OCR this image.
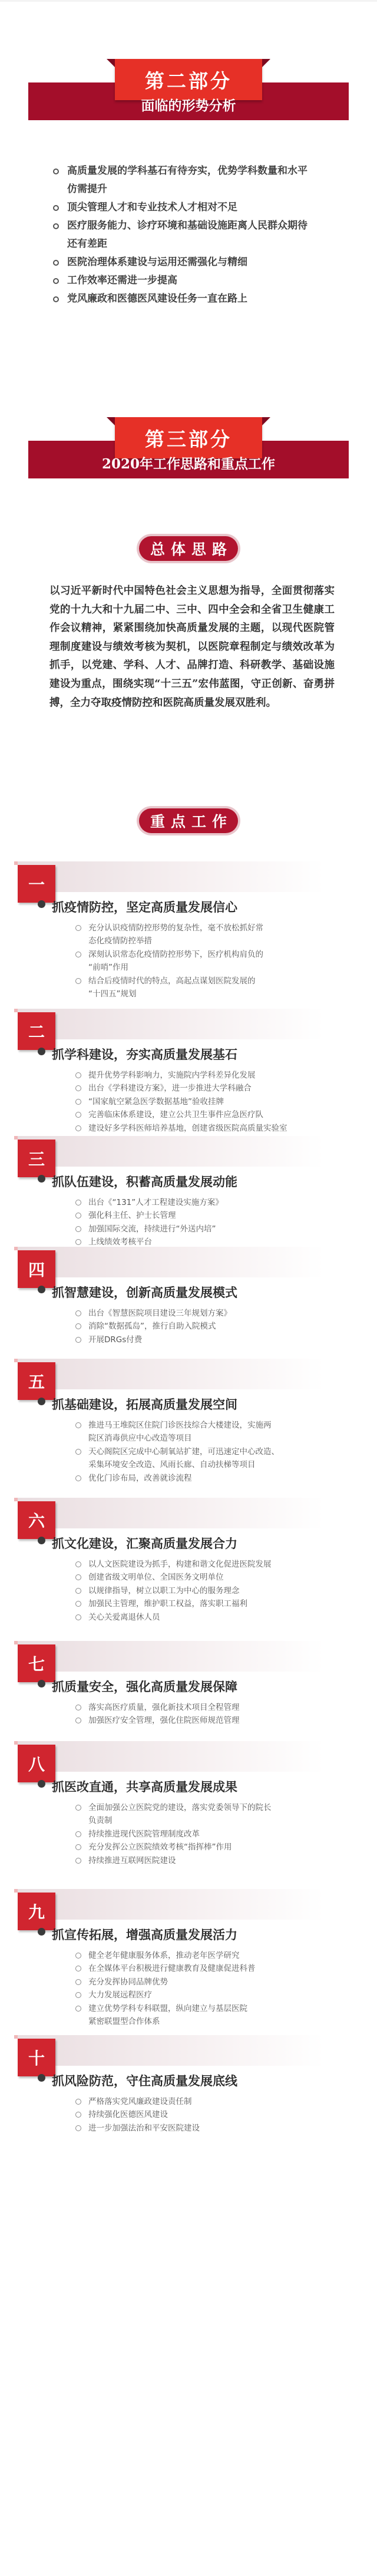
第二部分
面临的形势分析
高质量发展的学科基石有待夯实，优势学科数量和水平
仿需提升
顶尖管理人才和专业技术人才相对不足
医疗服务能力、诊疗环境和基础设施距离人民群众期待
还有差距
医院治理体系建设与运用还需强化与精细
工作效率还需进一步提高
党风廉政和医德医风建设任务一直在路上
第三部分
2020年工作思路和重点工作
总体思路

以习近平新时代中国特色社会主义思想为指导，全面贯彻落实党的十九大和十九届二中、三中、四中全会和全省卫生健康工作会议精神，紧紧围绕加快高质量发展的主题，以现代医院管理制度建设与绩效考核为契机，以医院章程制定与绩效改革为抓手，以党建、学科、人才、品牌打造、科研教学、基础设施建设为重点，围绕实现“十三五”宏伟蓝图，守正创新、奋勇拼搏，全力夺取疫情防控和医院高质量发展双胜利。

重点工作
一
抓疫情防控，坚定高质量发展信心
充分认识疫情防控形势的复杂性，毫不放松抓好常
态化疫情防控举措
深刻认识常态化疫情防控形势下，医疗机构肩负的
“前哨”作用
结合后疫情时代的特点，高起点谋划医院发展的
“十四五”规划
二
抓学科建设，夯实高质量发展基石
提升优势学科影响力，实施院内学科差异化发展
出台《学科建设方案》，进一步推进大学科融合
“国家航空紧急医学数据基地”验收挂牌
完善临床体系建设，建立公共卫生事件应急医疗队
建设好多学科医师培养基地，创建省级医院高质量实验室
三
抓队伍建设，积蓄高质量发展动能
出台《“131”人才工程建设实施方案》
强化科主任、护士长管理
加强国际交流，持续进行“外送内培”
上线绩效考核平台
四
抓智慧建设，创新高质量发展模式
出台《智慧医院项目建设三年规划方案》
消除“数据孤岛”，推行自助入院模式
开展DRGs付费
五
抓基础建设，拓展高质量发展空间
推进马王堆院区住院门诊医技综合大楼建设，实施两
院区消毒供应中心改造等项目
天心阁院区完成中心制氧站扩建，可迅速定中心改造、
采集环境安全改造、风雨长廊、自动扶梯等项目
优化门诊布局，改善就诊流程
六
抓文化建设，汇聚高质量发展合力
以人文医院建设为抓手，构建和谐文化促进医院发展
创建省级文明单位、全国医务文明单位
以规律指导，树立以职工为中心的服务理念
加强民主管理，维护职工权益，落实职工福利
关心关爱离退休人员
七
抓质量安全，强化高质量发展保障
落实高医疗质量，强化新技术项目全程管理
加强医疗安全管理，强化住院医师规范管理
八
抓医改直通，共享高质量发展成果
全面加强公立医院党的建设，落实党委领导下的院长
负责制
持续推进现代医院管理制度改革
充分发挥公立医院绩效考核“指挥棒”作用
持续推进互联网医院建设
九
抓宣传拓展，增强高质量发展活力
健全老年健康服务体系，推动老年医学研究
在全媒体平台积极进行健康教育及健康促进科普
充分发挥协同品牌优势
大力发展远程医疗
建立优势学科专科联盟，纵向建立与基层医院
紧密联盟型合作体系
十
抓风险防范，守住高质量发展底线
严格落实党风廉政建设责任制
持续强化医德医风建设
进一步加强法治和平安医院建设
